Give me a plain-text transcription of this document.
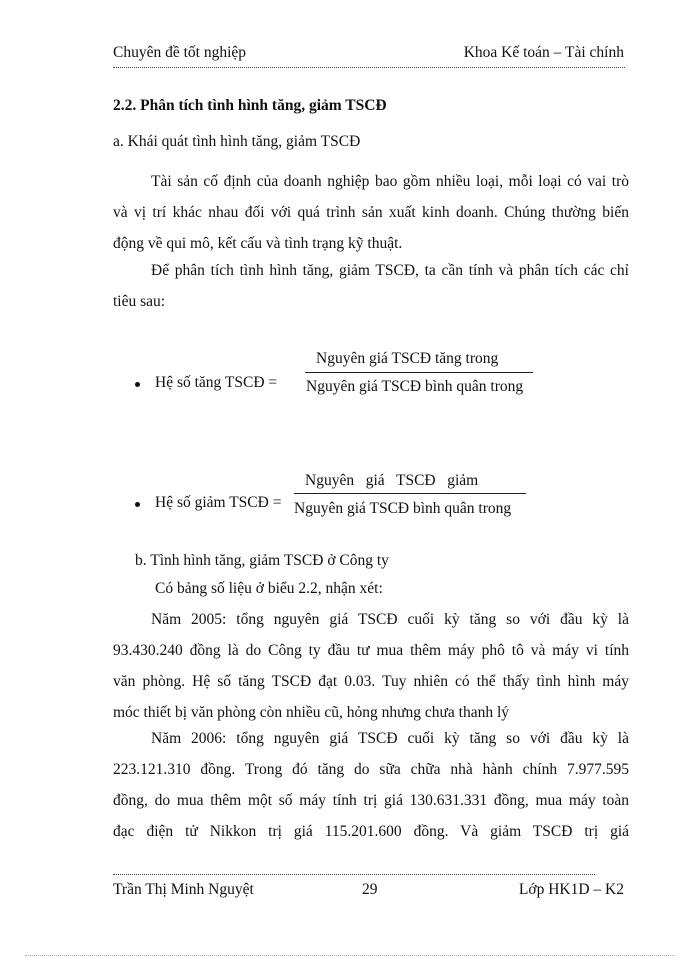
Chuyên đề tốt nghiệp	Khoa Kế toán – Tài chính
2.2. Phân tích tình hình tăng, giảm TSCĐ
a. Khái quát tình hình tăng, giảm TSCĐ
Tài sản cố định của doanh nghiệp bao gồm nhiều loại, mỗi loại có vai trò
và vị trí khác nhau đối với quá trình sản xuất kinh doanh. Chúng thường biến
động về qui mô, kết cấu và tình trạng kỹ thuật.
Để phân tích tình hình tăng, giảm TSCĐ, ta cần tính và phân tích các chỉ
tiêu sau:
Hệ số tăng TSCĐ =
Nguyên giá TSCĐ tăng trong
Nguyên giá TSCĐ bình quân trong
Hệ số giảm TSCĐ =
Nguyên   giá   TSCĐ   giảm
Nguyên giá TSCĐ bình quân trong
b. Tình hình tăng, giảm TSCĐ ở Công ty
Có bảng số liệu ở biểu 2.2, nhận xét:
Năm 2005: tổng nguyên giá TSCĐ cuối kỳ tăng so với đầu kỳ là
93.430.240 đồng là do Công ty đầu tư mua thêm máy phô tô và máy vi tính
văn phòng. Hệ số tăng TSCĐ đạt 0.03. Tuy nhiên có thể thấy tình hình máy
móc thiết bị văn phòng còn nhiều cũ, hỏng nhưng chưa thanh lý
Năm 2006: tổng nguyên giá TSCĐ cuối kỳ tăng so với đầu kỳ là
223.121.310 đồng. Trong đó tăng do sữa chữa nhà hành chính 7.977.595
đồng, do mua thêm một số máy tính trị giá 130.631.331 đồng, mua máy toàn
đạc điện tử Nikkon trị giá 115.201.600 đồng. Và giảm TSCĐ trị giá
Trần Thị Minh Nguyệt	29	Lớp HK1D – K2
